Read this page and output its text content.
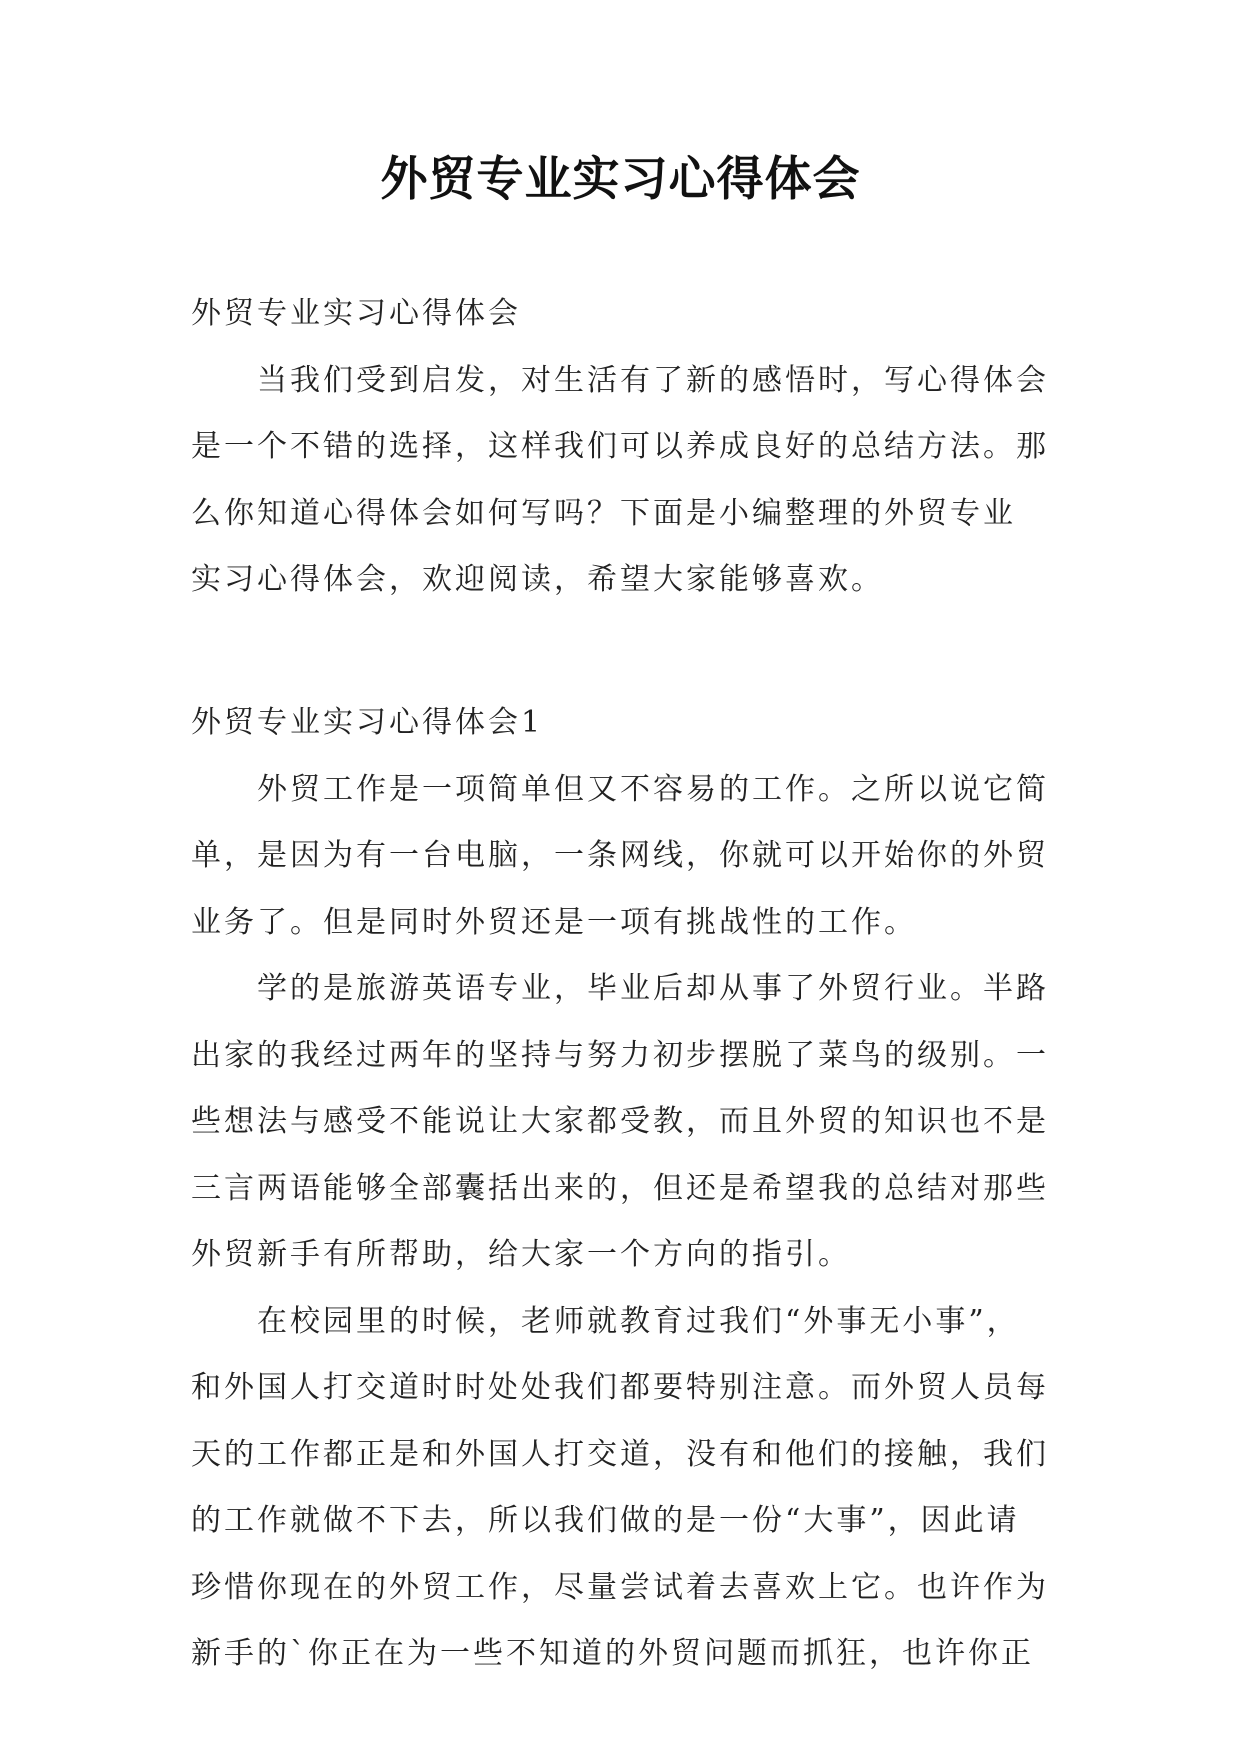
外贸专业实习心得体会
外贸专业实习心得体会
当我们受到启发，对生活有了新的感悟时，写心得体会
是一个不错的选择，这样我们可以养成良好的总结方法。那
么你知道心得体会如何写吗？下面是小编整理的外贸专业
实习心得体会，欢迎阅读，希望大家能够喜欢。
外贸专业实习心得体会1
外贸工作是一项简单但又不容易的工作。之所以说它简
单，是因为有一台电脑，一条网线，你就可以开始你的外贸
业务了。但是同时外贸还是一项有挑战性的工作。
学的是旅游英语专业，毕业后却从事了外贸行业。半路
出家的我经过两年的坚持与努力初步摆脱了菜鸟的级别。一
些想法与感受不能说让大家都受教，而且外贸的知识也不是
三言两语能够全部囊括出来的，但还是希望我的总结对那些
外贸新手有所帮助，给大家一个方向的指引。
在校园里的时候，老师就教育过我们“外事无小事”，
和外国人打交道时时处处我们都要特别注意。而外贸人员每
天的工作都正是和外国人打交道，没有和他们的接触，我们
的工作就做不下去，所以我们做的是一份“大事”，因此请
珍惜你现在的外贸工作，尽量尝试着去喜欢上它。也许作为
新手的`你正在为一些不知道的外贸问题而抓狂，也许你正
